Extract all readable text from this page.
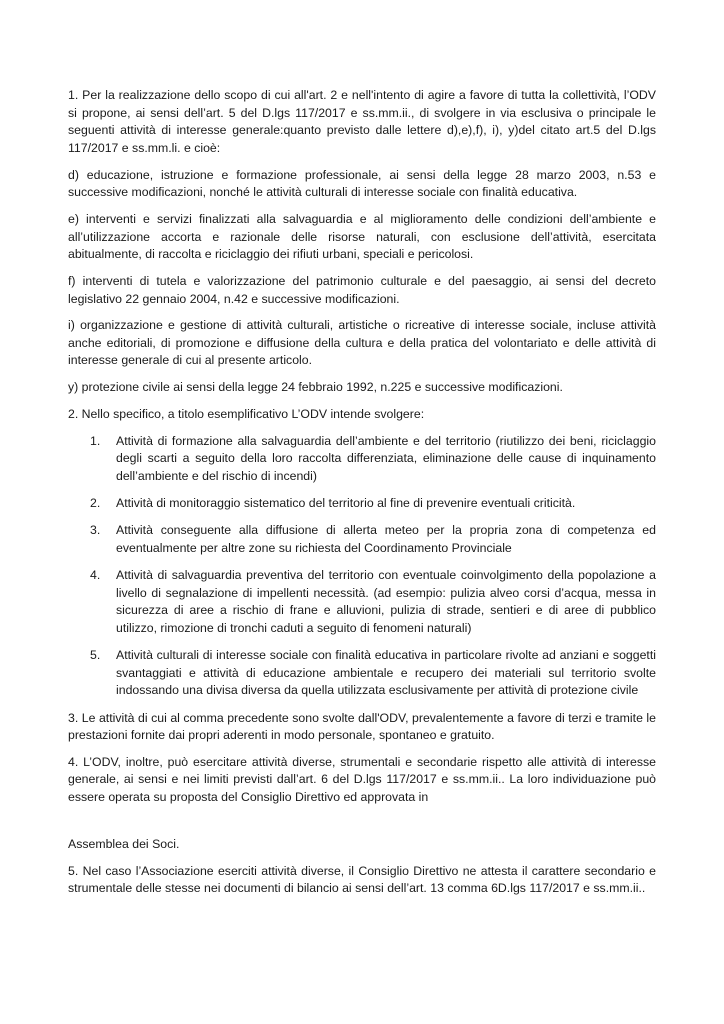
1. Per la realizzazione dello scopo di cui all'art. 2 e nell'intento di agire a favore di tutta la collettività, l’ODV si propone, ai sensi dell’art. 5 del D.lgs 117/2017 e ss.mm.ii., di svolgere in via esclusiva o principale le seguenti attività di interesse generale:quanto previsto dalle lettere d),e),f), i), y)del citato art.5 del D.lgs 117/2017 e ss.mm.li. e cioè:

d) educazione, istruzione e formazione professionale, ai sensi della legge 28 marzo 2003, n.53 e successive modificazioni, nonché le attività culturali di interesse sociale con finalità educativa.

e) interventi e servizi finalizzati alla salvaguardia e al miglioramento delle condizioni dell’ambiente e all’utilizzazione accorta e razionale delle risorse naturali, con esclusione dell’attività, esercitata abitualmente, di raccolta e riciclaggio dei rifiuti urbani, speciali e pericolosi.

f) interventi di tutela e valorizzazione del patrimonio culturale e del paesaggio, ai sensi del decreto legislativo 22 gennaio 2004, n.42 e successive modificazioni.

i) organizzazione e gestione di attività culturali, artistiche o ricreative di interesse sociale, incluse attività anche editoriali, di promozione e diffusione della cultura e della pratica del volontariato e delle attività di interesse generale di cui al presente articolo.

y) protezione civile ai sensi della legge 24 febbraio 1992, n.225 e successive modificazioni.

2. Nello specifico, a titolo esemplificativo L’ODV intende svolgere:

1. Attività di formazione alla salvaguardia dell’ambiente e del territorio (riutilizzo dei beni, riciclaggio degli scarti a seguito della loro raccolta differenziata, eliminazione delle cause di inquinamento dell’ambiente e del rischio di incendi)
2. Attività di monitoraggio sistematico del territorio al fine di prevenire eventuali criticità.
3. Attività conseguente alla diffusione di allerta meteo per la propria zona di competenza ed eventualmente per altre zone su richiesta del Coordinamento Provinciale
4. Attività di salvaguardia preventiva del territorio con eventuale coinvolgimento della popolazione a livello di segnalazione di impellenti necessità. (ad esempio: pulizia alveo corsi d’acqua, messa in sicurezza di aree a rischio di frane e alluvioni, pulizia di strade, sentieri e di aree di pubblico utilizzo, rimozione di tronchi caduti a seguito di fenomeni naturali)
5. Attività culturali di interesse sociale con finalità educativa in particolare rivolte ad anziani e soggetti svantaggiati e attività di educazione ambientale e recupero dei materiali sul territorio svolte indossando una divisa diversa da quella utilizzata esclusivamente per attività di protezione civile

3. Le attività di cui al comma precedente sono svolte dall'ODV, prevalentemente a favore di terzi e tramite le prestazioni fornite dai propri aderenti in modo personale, spontaneo e gratuito.

4. L’ODV, inoltre, può esercitare attività diverse, strumentali e secondarie rispetto alle attività di interesse generale, ai sensi e nei limiti previsti dall’art. 6 del D.lgs 117/2017 e ss.mm.ii.. La loro individuazione può essere operata su proposta del Consiglio Direttivo ed approvata in

Assemblea dei Soci.

5. Nel caso l’Associazione eserciti attività diverse, il Consiglio Direttivo ne attesta il carattere secondario e strumentale delle stesse nei documenti di bilancio ai sensi dell’art. 13 comma 6D.lgs 117/2017 e ss.mm.ii..
